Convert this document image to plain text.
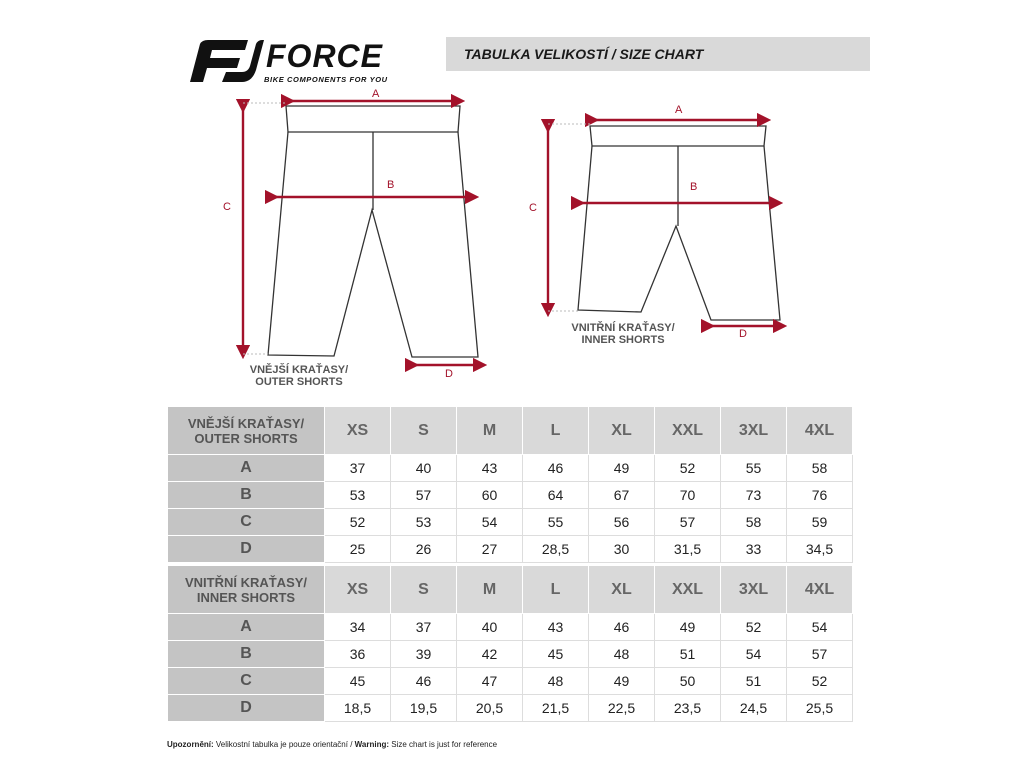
FORCE
BIKE COMPONENTS FOR YOU
TABULKA VELIKOSTÍ / SIZE CHART
A
B
C
D
A
B
C
D
VNĚJŠÍ KRAŤASY/
OUTER SHORTS
VNITŘNÍ KRAŤASY/
INNER SHORTS
VNĚJŠÍ KRAŤASY/
OUTER SHORTS	XS	S	M	L	XL	XXL	3XL	4XL
A	37	40	43	46	49	52	55	58
B	53	57	60	64	67	70	73	76
C	52	53	54	55	56	57	58	59
D	25	26	27	28,5	30	31,5	33	34,5
VNITŘNÍ KRAŤASY/
INNER SHORTS	XS	S	M	L	XL	XXL	3XL	4XL
A	34	37	40	43	46	49	52	54
B	36	39	42	45	48	51	54	57
C	45	46	47	48	49	50	51	52
D	18,5	19,5	20,5	21,5	22,5	23,5	24,5	25,5
Upozornění: Velikostní tabulka je pouze orientační / Warning: Size chart is just for reference
